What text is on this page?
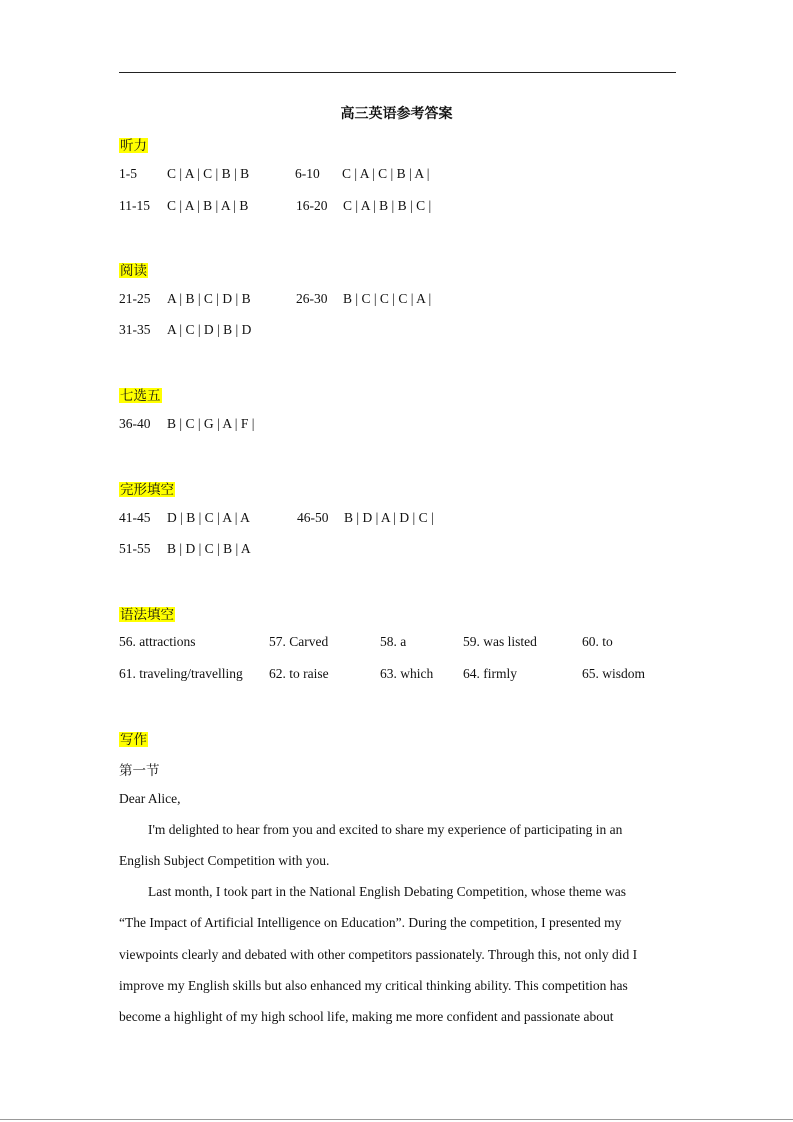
高三英语参考答案
听力
1-5 C | A | C | B | B	6-10 C | A | C | B | A |
11-15 C | A | B | A | B	16-20 C | A | B | B | C |
阅读
21-25 A | B | C | D | B	26-30 B | C | C | C | A |
31-35 A | C | D | B | D
七选五
36-40 B | C | G | A | F |
完形填空
41-45 D | B | C | A | A	46-50 B | D | A | D | C |
51-55 B | D | C | B | A
语法填空
56. attractions	57. Carved	58. a	59. was listed	60. to
61. traveling/travelling 62. to raise	63. which 64. firmly	65. wisdom
写作
第一节
Dear Alice,
I'm delighted to hear from you and excited to share my experience of participating in an
English Subject Competition with you.
Last month, I took part in the National English Debating Competition, whose theme was
“The Impact of Artificial Intelligence on Education”. During the competition, I presented my
viewpoints clearly and debated with other competitors passionately. Through this, not only did I
improve my English skills but also enhanced my critical thinking ability. This competition has
become a highlight of my high school life, making me more confident and passionate about
